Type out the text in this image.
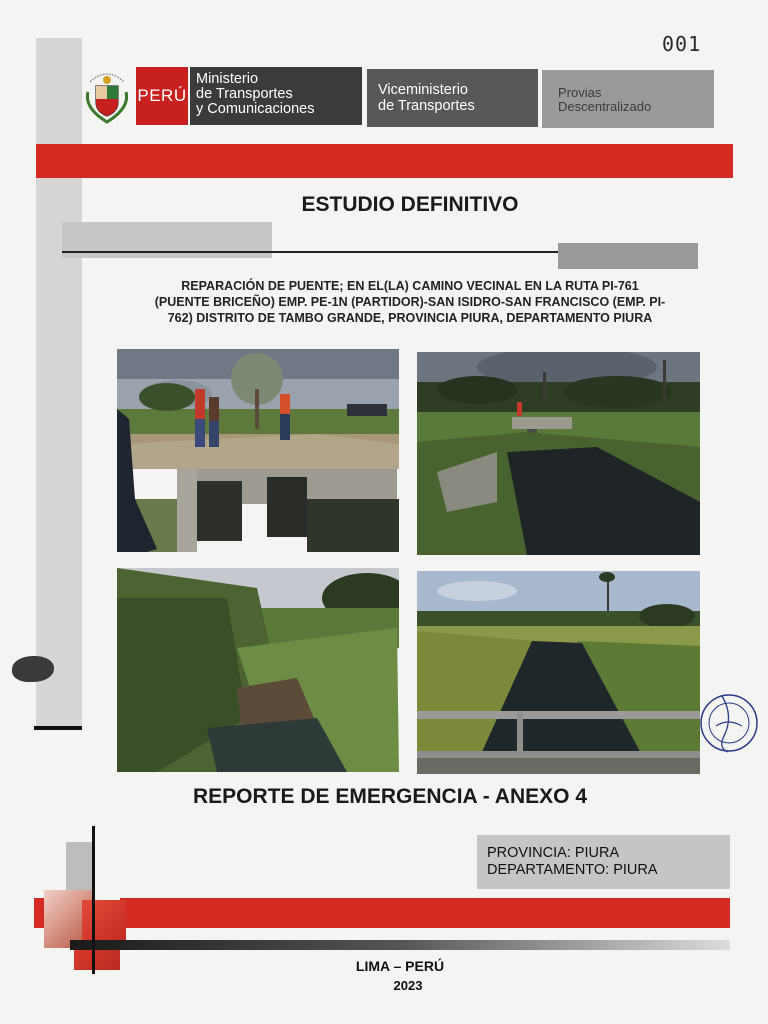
001
PERÚ
Ministerio
de Transportes
y Comunicaciones
Viceministerio
de Transportes
Provias
Descentralizado
ESTUDIO DEFINITIVO
REPARACIÓN DE PUENTE; EN EL(LA) CAMINO VECINAL EN LA RUTA PI-761
(PUENTE BRICEÑO) EMP. PE-1N (PARTIDOR)-SAN ISIDRO-SAN FRANCISCO (EMP. PI-
762) DISTRITO DE TAMBO GRANDE, PROVINCIA PIURA, DEPARTAMENTO PIURA
REPORTE DE EMERGENCIA - ANEXO 4
PROVINCIA: PIURA
DEPARTAMENTO: PIURA
LIMA – PERÚ
2023
